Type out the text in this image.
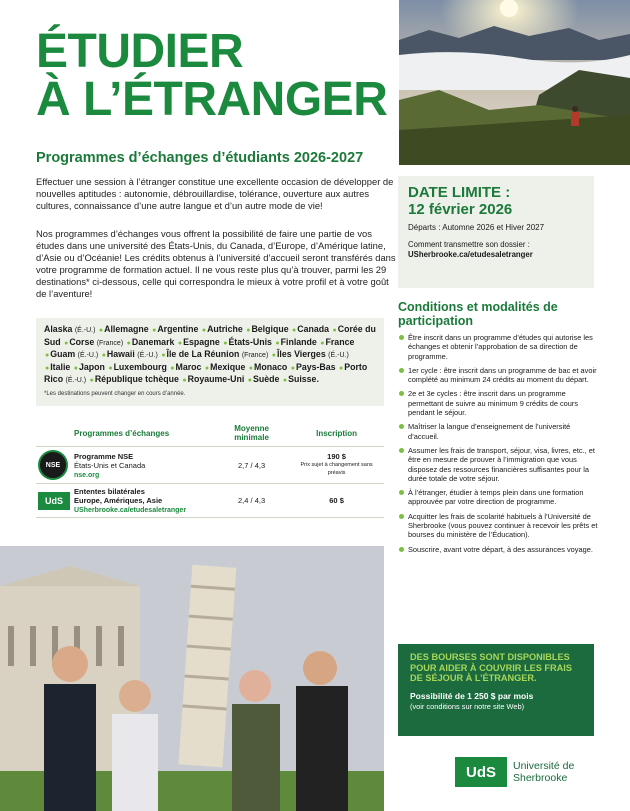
ÉTUDIER
À L’ÉTRANGER
Programmes d’échanges d’étudiants 2026-2027

Effectuer une session à l’étranger constitue une excellente occasion de développer de nouvelles aptitudes : autonomie, débrouillardise, tolérance, ouverture aux autres cultures, connaissance d’une autre langue et d’un autre mode de vie!

Nos programmes d’échanges vous offrent la possibilité de faire une partie de vos études dans une université des États-Unis, du Canada, d’Europe, d’Amérique latine, d’Asie ou d’Océanie! Les crédits obtenus à l’université d’accueil seront transférés dans votre programme de formation actuel. Il ne vous reste plus qu’à trouver, parmi les 29 destinations* ci-dessous, celle qui correspondra le mieux à votre profil et à votre goût de l’aventure!

Alaska (É.-U.) ●Allemagne ●Argentine ●Autriche ●Belgique ●Canada ●Corée du Sud ●Corse (France) ●Danemark ●Espagne ●États-Unis ●Finlande ●France ●Guam (É.-U.) ●Hawaii (É.-U.) ●Île de La Réunion (France) ●Îles Vierges (É.-U.) ●Italie ●Japon ●Luxembourg ●Maroc ●Mexique ●Monaco ●Pays-Bas ●Porto Rico (É.-U.) ●République tchèque ●Royaume-Uni ●Suède ●Suisse.
*Les destinations peuvent changer en cours d’année.
	Programmes d’échanges	Moyenne minimale	Inscription

NSE	Programme NSE
États-Unis et Canada
nse.org	2,7 / 4,3	190 $
Prix sujet à changement sans préavis

UdS	Ententes bilatérales
Europe, Amériques, Asie
USherbrooke.ca/etudesaletranger	2,4 / 4,3	60 $

DATE LIMITE :

12 février 2026

Départs : Automne 2026 et Hiver 2027

Comment transmettre son dossier :
USherbrooke.ca/etudesaletranger

Conditions et modalités de participation
Être inscrit dans un programme d’études qui autorise les échanges et obtenir l’approbation de sa direction de programme.
1er cycle : être inscrit dans un programme de bac et avoir complété au minimum 24 crédits au moment du départ.
2e et 3e cycles : être inscrit dans un programme permettant de suivre au minimum 9 crédits de cours pendant le séjour.
Maîtriser la langue d’enseignement de l’université d’accueil.
Assumer les frais de transport, séjour, visa, livres, etc., et être en mesure de prouver à l’immigration que vous disposez des ressources financières suffisantes pour la durée totale de votre séjour.
À l’étranger, étudier à temps plein dans une formation approuvée par votre direction de programme.
Acquitter les frais de scolarité habituels à l’Université de Sherbrooke (vous pouvez continuer à recevoir les prêts et bourses du ministère de l’Éducation).
Souscrire, avant votre départ, à des assurances voyage.

DES BOURSES SONT DISPONIBLES POUR AIDER À COUVRIR LES FRAIS DE SÉJOUR À L’ÉTRANGER.

Possibilité de 1 250 $ par mois

(voir conditions sur notre site Web)

UdS	Université de
Sherbrooke
